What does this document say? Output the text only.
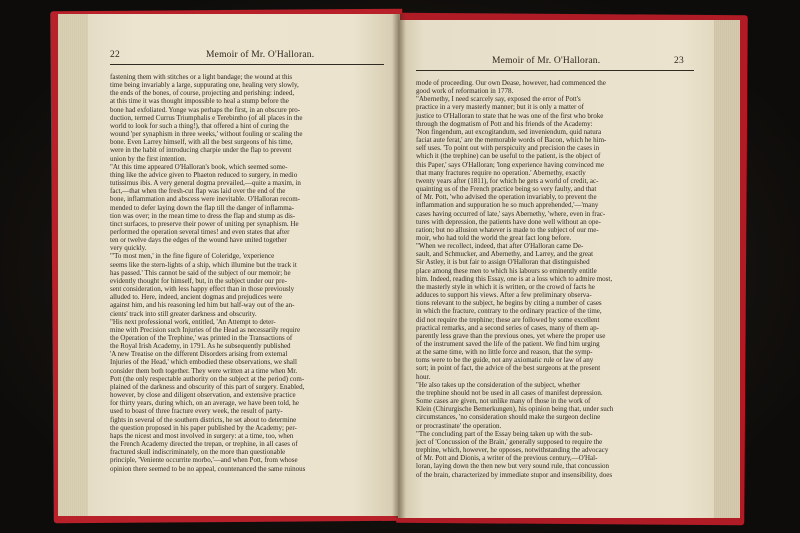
22	Memoir of Mr. O'Halloran.

fastening them with stitches or a light bandage; the wound at this

time being invariably a large, suppurating one, healing very slowly,

the ends of the bones, of course, projecting and perishing: indeed,

at this time it was thought impossible to heal a stump before the

bone had exfoliated. Yonge was perhaps the first, in an obscure pro-

duction, termed Currus Triumphalis e Terebintho (of all places in the

world to look for such a thing!), that offered a hint of curing the

wound 'per synaphism in three weeks,' without fouling or scaling the

bone. Even Larrey himself, with all the best surgeons of his time,

were in the habit of introducing charpie under the flap to prevent

union by the first intention.

"At this time appeared O'Halloran's book, which seemed some-

thing like the advice given to Phaeton reduced to surgery, in medio

tutissimus ibis. A very general dogma prevailed,—quite a maxim, in

fact,—that when the fresh-cut flap was laid over the end of the

bone, inflammation and abscess were inevitable. O'Halloran recom-

mended to defer laying down the flap till the danger of inflamma-

tion was over; in the mean time to dress the flap and stump as dis-

tinct surfaces, to preserve their power of uniting per synaphism. He

performed the operation several times! and even states that after

ten or twelve days the edges of the wound have united together

very quickly.

"'To most men,' in the fine figure of Coleridge, 'experience

seems like the stern-lights of a ship, which illumine but the track it

has passed.' This cannot be said of the subject of our memoir; he

evidently thought for himself, but, in the subject under our pre-

sent consideration, with less happy effect than in those previously

alluded to. Here, indeed, ancient dogmas and prejudices were

against him, and his reasoning led him but half-way out of the an-

cients' track into still greater darkness and obscurity.

"His next professional work, entitled, 'An Attempt to deter-

mine with Precision such Injuries of the Head as necessarily require

the Operation of the Trephine,' was printed in the Transactions of

the Royal Irish Academy, in 1791. As he subsequently published

'A new Treatise on the different Disorders arising from external

Injuries of the Head,' which embodied these observations, we shall

consider them both together. They were written at a time when Mr.

Pott (the only respectable authority on the subject at the period) com-

plained of the darkness and obscurity of this part of surgery. Enabled,

however, by close and diligent observation, and extensive practice

for thirty years, during which, on an average, we have been told, he

used to boast of three fracture every week, the result of party-

fights in several of the southern districts, he set about to determine

the question proposed in his paper published by the Academy; per-

haps the nicest and most involved in surgery: at a time, too, when

the French Academy directed the trepan, or trephine, in all cases of

fractured skull indiscriminately, on the more than questionable

principle, 'Veniente occurrite morbo,'—and when Pott, from whose

opinion there seemed to be no appeal, countenanced the same ruinous

Memoir of Mr. O'Halloran.	23

mode of proceeding. Our own Dease, however, had commenced the

good work of reformation in 1778.

"Abernethy, I need scarcely say, exposed the error of Pott's

practice in a very masterly manner; but it is only a matter of

justice to O'Halloran to state that he was one of the first who broke

through the dogmatism of Pott and his friends of the Academy:

'Non fingendum, aut excogitandum, sed inveniendum, quid natura

faciat aute ferat,' are the memorable words of Bacon, which he him-

self uses. 'To point out with perspicuity and precision the cases in

which it (the trephine) can be useful to the patient, is the object of

this Paper,' says O'Halloran; 'long experience having convinced me

that many fractures require no operation.' Abernethy, exactly

twenty years after (1811), for which he gets a world of credit, ac-

quainting us of the French practice being so very faulty, and that

of Mr. Pott, 'who advised the operation invariably, to prevent the

inflammation and suppuration he so much apprehended,'—'many

cases having occurred of late,' says Abernethy, 'where, even in frac-

tures with depression, the patients have done well without an ope-

ration; but no allusion whatever is made to the subject of our me-

moir, who had told the world the great fact long before.

"When we recollect, indeed, that after O'Halloran came De-

sault, and Schmucker, and Abernethy, and Larrey, and the great

Sir Astley, it is but fair to assign O'Halloran that distinguished

place among these men to which his labours so eminently entitle

him. Indeed, reading this Essay, one is at a loss which to admire most,

the masterly style in which it is written, or the crowd of facts he

adduces to support his views. After a few preliminary observa-

tions relevant to the subject, he begins by citing a number of cases

in which the fracture, contrary to the ordinary practice of the time,

did not require the trephine; these are followed by some excellent

practical remarks, and a second series of cases, many of them ap-

parently less grave than the previous ones, yet where the proper use

of the instrument saved the life of the patient. We find him urging

at the same time, with no little force and reason, that the symp-

toms were to be the guide, not any axiomatic rule or law of any

sort; in point of fact, the advice of the best surgeons at the present

hour.

"He also takes up the consideration of the subject, whether

the trephine should not be used in all cases of manifest depression.

Some cases are given, not unlike many of those in the work of

Klein (Chirurgische Bemerkungen), his opinion being that, under such

circumstances, 'no consideration should make the surgeon decline

or procrastinate' the operation.

"The concluding part of the Essay being taken up with the sub-

ject of 'Concussion of the Brain,' generally supposed to require the

trephine, which, however, he opposes, notwithstanding the advocacy

of Mr. Pott and Dionis, a writer of the previous century,—O'Hal-

loran, laying down the then new but very sound rule, that concussion

of the brain, characterized by immediate stupor and insensibility, does
